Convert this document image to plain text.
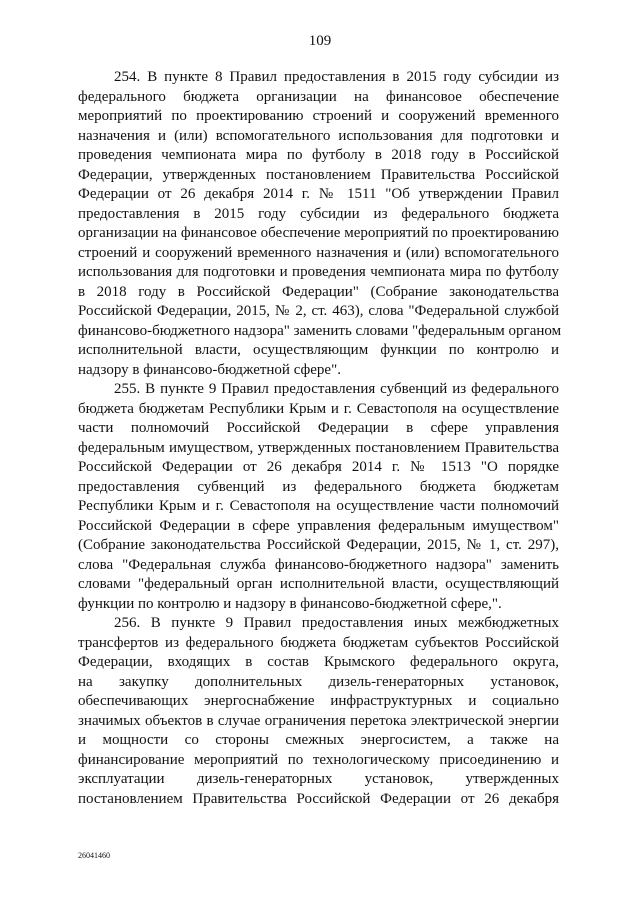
109
254. В пункте 8 Правил предоставления в 2015 году субсидии из
федерального бюджета организации на финансовое обеспечение
мероприятий по проектированию строений и сооружений временного
назначения и (или) вспомогательного использования для подготовки и
проведения чемпионата мира по футболу в 2018 году в Российской
Федерации, утвержденных постановлением Правительства Российской
Федерации от 26 декабря 2014 г. № 1511 "Об утверждении Правил
предоставления в 2015 году субсидии из федерального бюджета
организации на финансовое обеспечение мероприятий по проектированию
строений и сооружений временного назначения и (или) вспомогательного
использования для подготовки и проведения чемпионата мира по футболу
в 2018 году в Российской Федерации" (Собрание законодательства
Российской Федерации, 2015, № 2, ст. 463), слова "Федеральной службой
финансово-бюджетного надзора" заменить словами "федеральным органом
исполнительной власти, осуществляющим функции по контролю и
надзору в финансово-бюджетной сфере".
255. В пункте 9 Правил предоставления субвенций из федерального
бюджета бюджетам Республики Крым и г. Севастополя на осуществление
части полномочий Российской Федерации в сфере управления
федеральным имуществом, утвержденных постановлением Правительства
Российской Федерации от 26 декабря 2014 г. № 1513 "О порядке
предоставления субвенций из федерального бюджета бюджетам
Республики Крым и г. Севастополя на осуществление части полномочий
Российской Федерации в сфере управления федеральным имуществом"
(Собрание законодательства Российской Федерации, 2015, № 1, ст. 297),
слова "Федеральная служба финансово-бюджетного надзора" заменить
словами "федеральный орган исполнительной власти, осуществляющий
функции по контролю и надзору в финансово-бюджетной сфере,".
256. В пункте 9 Правил предоставления иных межбюджетных
трансфертов из федерального бюджета бюджетам субъектов Российской
Федерации, входящих в состав Крымского федерального округа,
на закупку дополнительных дизель-генераторных установок,
обеспечивающих энергоснабжение инфраструктурных и социально
значимых объектов в случае ограничения перетока электрической энергии
и мощности со стороны смежных энергосистем, а также на
финансирование мероприятий по технологическому присоединению и
эксплуатации дизель-генераторных установок, утвержденных
постановлением Правительства Российской Федерации от 26 декабря
26041460
